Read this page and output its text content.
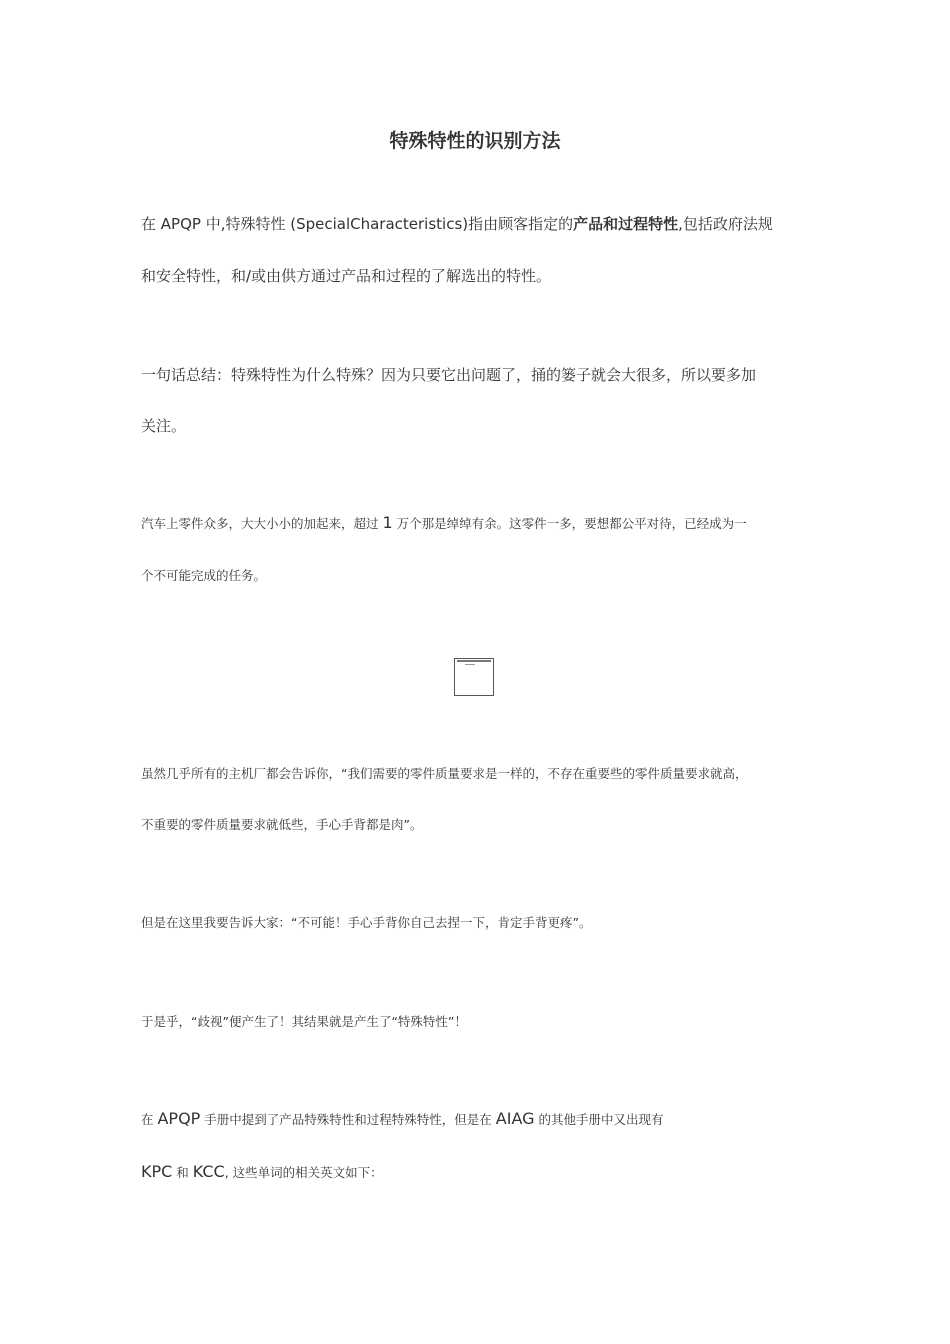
特殊特性的识别方法
在 APQP 中,特殊特性 (SpecialCharacteristics)指由顾客指定的产品和过程特性,包括政府法规
和安全特性，和/或由供方通过产品和过程的了解选出的特性。
一句话总结：特殊特性为什么特殊？因为只要它出问题了，捅的篓子就会大很多，所以要多加
关注。
汽车上零件众多，大大小小的加起来，超过 1 万个那是绰绰有余。这零件一多，要想都公平对待，已经成为一
个不可能完成的任务。
虽然几乎所有的主机厂都会告诉你，“我们需要的零件质量要求是一样的，不存在重要些的零件质量要求就高，
不重要的零件质量要求就低些，手心手背都是肉”。
但是在这里我要告诉大家：“不可能！手心手背你自己去捏一下，肯定手背更疼”。
于是乎，“歧视”便产生了！其结果就是产生了“特殊特性”！
在 APQP 手册中提到了产品特殊特性和过程特殊特性，但是在 AIAG 的其他手册中又出现有
KPC 和 KCC, 这些单词的相关英文如下：
